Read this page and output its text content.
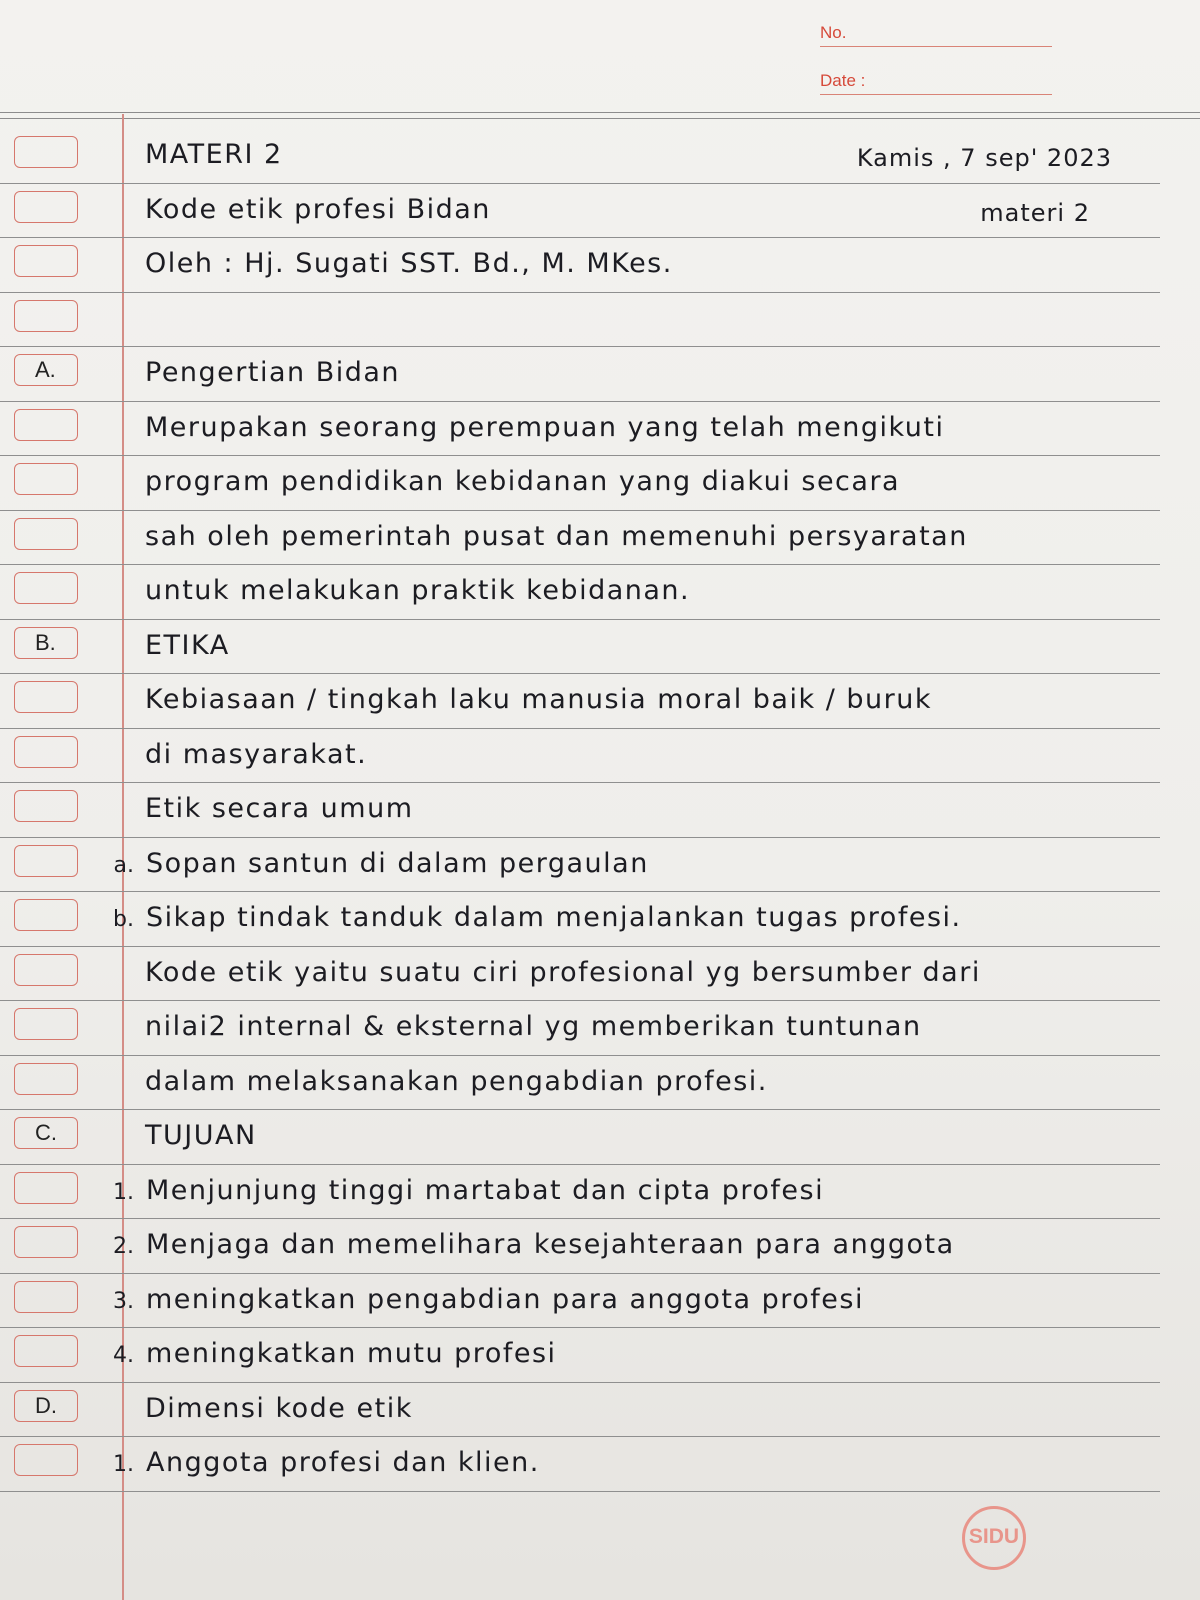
No.
Date :
MATERI 2	Kamis , 7 sep' 2023
Kode etik profesi Bidan	materi 2
Oleh : Hj. Sugati SST. Bd., M. MKes.
A.	Pengertian Bidan
Merupakan seorang perempuan yang telah mengikuti
program pendidikan kebidanan yang diakui secara
sah oleh pemerintah pusat dan memenuhi persyaratan
untuk melakukan praktik kebidanan.
B.	ETIKA
Kebiasaan / tingkah laku manusia moral baik / buruk
di masyarakat.
Etik secara umum
a. Sopan santun di dalam pergaulan
b. Sikap tindak tanduk dalam menjalankan tugas profesi.
Kode etik yaitu suatu ciri profesional yg bersumber dari
nilai2 internal & eksternal yg memberikan tuntunan
dalam melaksanakan pengabdian profesi.
C.	TUJUAN
1. Menjunjung tinggi martabat dan cipta profesi
2. Menjaga dan memelihara kesejahteraan para anggota
3. meningkatkan pengabdian para anggota profesi
4. meningkatkan mutu profesi
D.	Dimensi kode etik
1. Anggota profesi dan klien.
SIDU
